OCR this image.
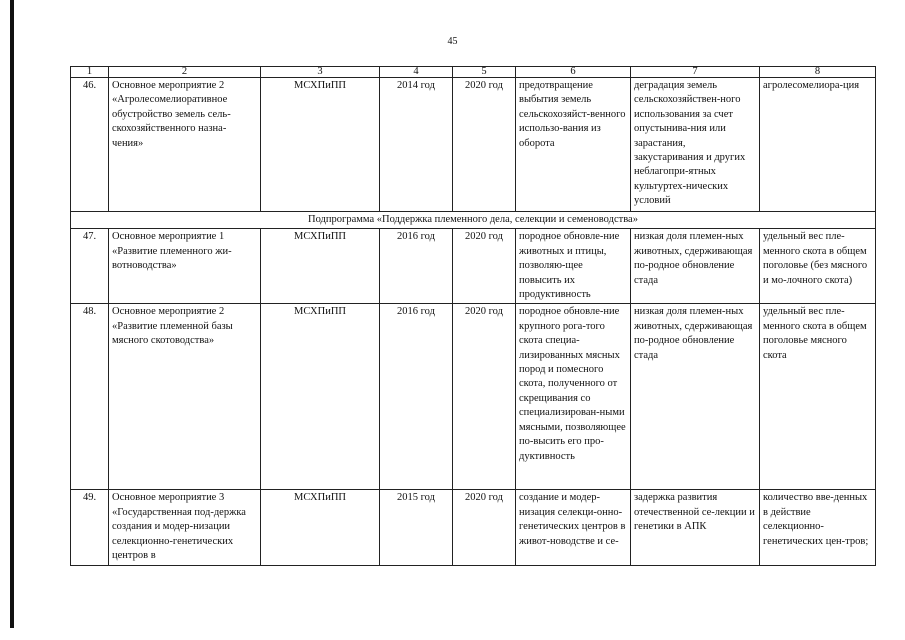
45
1	2	3	4	5	6	7	8
46.	Основное мероприятие 2 «Агролесомелиоративное обустройство земель сель-скохозяйственного назна-чения»	МСХПиПП	2014 год	2020 год	предотвращение выбытия земель сельскохозяйст-венного использо-вания из оборота	деградация земель сельскохозяйствен-ного использования за счет опустынива-ния или зарастания, закустаривания и других неблагопри-ятных культуртех-нических условий	агролесомелиора-ция
Подпрограмма «Поддержка племенного дела, селекции и семеноводства»							
47.	Основное мероприятие 1 «Развитие племенного жи-вотноводства»	МСХПиПП	2016 год	2020 год	породное обновле-ние животных и птицы, позволяю-щее повысить их продуктивность	низкая доля племен-ных животных, сдерживающая по-родное обновление стада	удельный вес пле-менного скота в общем поголовье (без мясного и мо-лочного скота)
48.	Основное мероприятие 2 «Развитие племенной базы мясного скотоводства»	МСХПиПП	2016 год	2020 год	породное обновле-ние крупного рога-того скота специа-лизированных мясных пород и помесного скота, полученного от скрещивания со специализирован-ными мясными, позволяющее по-высить его про-дуктивность	низкая доля племен-ных животных, сдерживающая по-родное обновление стада	удельный вес пле-менного скота в общем поголовье мясного скота
49.	Основное мероприятие 3 «Государственная под-держка создания и модер-низации селекционно-генетических центров в	МСХПиПП	2015 год	2020 год	создание и модер-низация селекци-онно-генетических центров в живот-новодстве и се-	задержка развития отечественной се-лекции и генетики в АПК	количество вве-денных в действие селекционно-генетических цен-тров;
